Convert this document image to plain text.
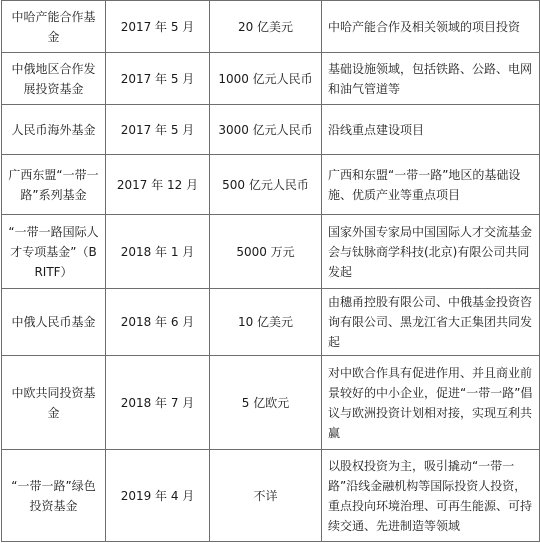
中哈产能合作基金	2017 年 5 月	20 亿美元	中哈产能合作及相关领域的项目投资
中俄地区合作发展投资基金	2017 年 5 月	1000 亿元人民币	基础设施领域，包括铁路、公路、电网和油气管道等
人民币海外基金	2017 年 5 月	3000 亿元人民币	沿线重点建设项目
广西东盟“一带一路”系列基金	2017 年 12 月	500 亿元人民币	广西和东盟“一带一路”地区的基础设施、优质产业等重点项目
“一带一路国际人才专项基金”（BRITF）	2018 年 1 月	5000 万元	国家外国专家局中国国际人才交流基金会与钛脉商学科技(北京)有限公司共同发起
中俄人民币基金	2018 年 6 月	10 亿美元	由穗甬控股有限公司、中俄基金投资咨询有限公司、黑龙江省大正集团共同发起
中欧共同投资基金	2018 年 7 月	5 亿欧元	对中欧合作具有促进作用、并且商业前景较好的中小企业，促进“一带一路”倡议与欧洲投资计划相对接，实现互利共赢
“一带一路”绿色投资基金	2019 年 4 月	不详	以股权投资为主，吸引撬动“一带一路”沿线金融机构等国际投资人投资，重点投向环境治理、可再生能源、可持续交通、先进制造等领域
